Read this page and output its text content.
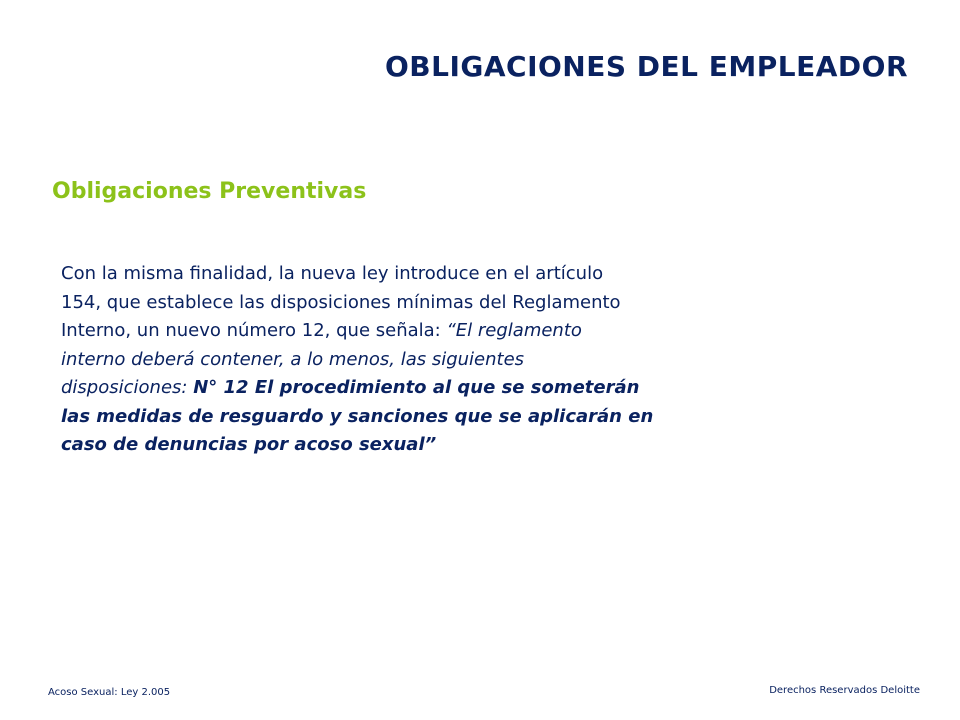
OBLIGACIONES DEL EMPLEADOR
Obligaciones Preventivas
Con la misma finalidad, la nueva ley introduce en el artículo
154, que establece las disposiciones mínimas del Reglamento
Interno, un nuevo número 12, que señala: “El reglamento
interno deberá contener, a lo menos, las siguientes
disposiciones: N° 12 El procedimiento al que se someterán
las medidas de resguardo y sanciones que se aplicarán en
caso de denuncias por acoso sexual”
Acoso Sexual: Ley 2.005	Derechos Reservados Deloitte
